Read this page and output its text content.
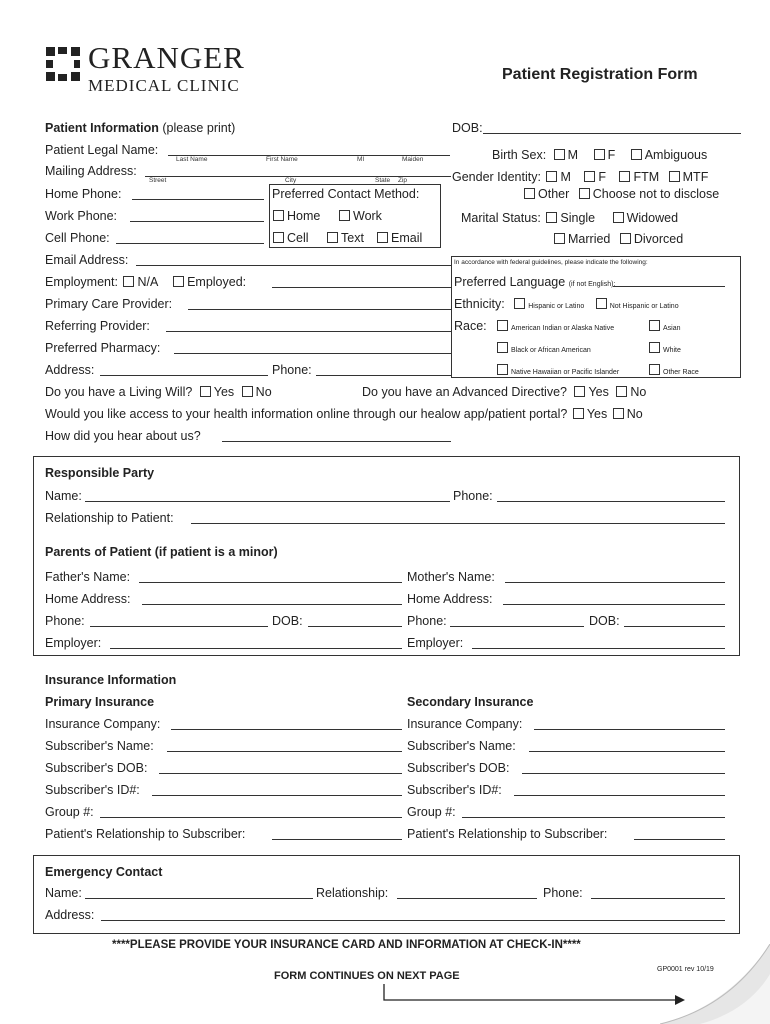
GRANGER
MEDICAL CLINIC
Patient Registration Form
Patient Information (please print)	DOB:
Patient Legal Name:
Last Name	First Name	MI	Maiden
Mailing Address:
Street	City	State Zip
Home Phone:
Work Phone:
Cell Phone:
Preferred Contact Method:
Home	Work
Cell	Text	Email
Birth Sex: M F Ambiguous
Gender Identity: M F FTM MTF
Other Choose not to disclose
Marital Status: Single	Widowed
Married Divorced
Email Address:
Employment: N/A Employed:
Primary Care Provider:
Referring Provider:
Preferred Pharmacy:
Address:	Phone:
In accordance with federal guidelines, please indicate the following:
Preferred Language (if not English):
Ethnicity:	Hispanic or Latino	Not Hispanic or Latino
Race:	American Indian or Alaska Native	Asian
Black or African American	White
Native Hawaiian or Pacific Islander	Other Race
Do you have a Living Will? Yes No	Do you have an Advanced Directive? Yes No
Would you like access to your health information online through our healow app/patient portal? Yes No
How did you hear about us?
Responsible Party
Name:	Phone:
Relationship to Patient:
Parents of Patient (if patient is a minor)
Father's Name:	Mother's Name:
Home Address:	Home Address:
Phone:	DOB:	Phone:	DOB:
Employer:	Employer:
Insurance Information
Primary Insurance	Secondary Insurance
Insurance Company:	Insurance Company:
Subscriber's Name:	Subscriber's Name:
Subscriber's DOB:	Subscriber's DOB:
Subscriber's ID#:	Subscriber's ID#:
Group #:	Group #:
Patient's Relationship to Subscriber:	Patient's Relationship to Subscriber:
Emergency Contact
Name:	Relationship:	Phone:
Address:
****PLEASE PROVIDE YOUR INSURANCE CARD AND INFORMATION AT CHECK-IN****
FORM CONTINUES ON NEXT PAGE
GP0001 rev 10/19
